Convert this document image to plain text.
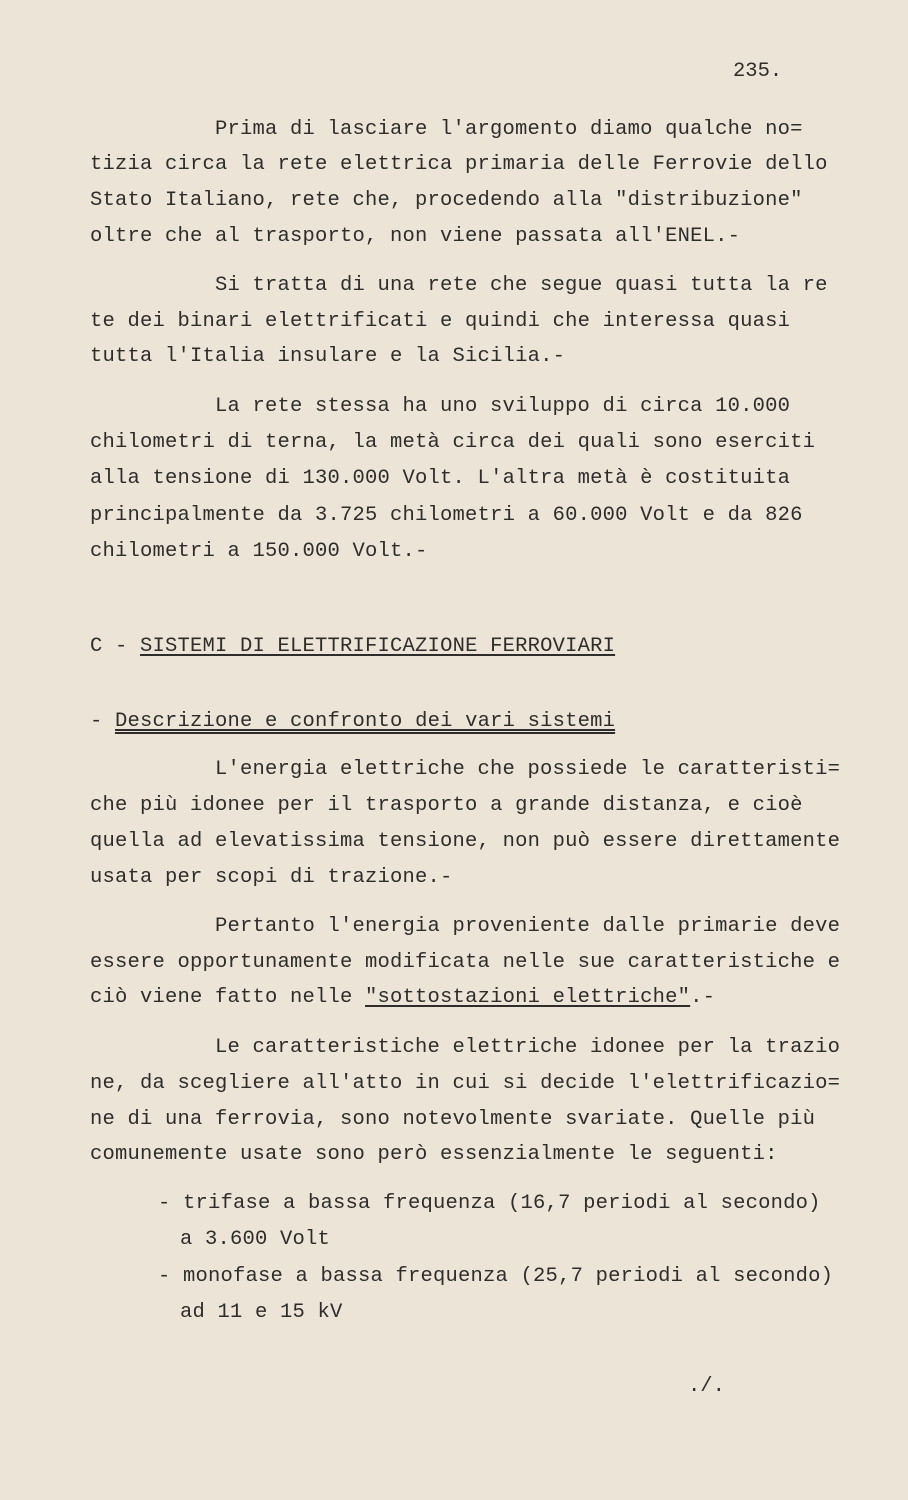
235.
Prima di lasciare l'argomento diamo qualche no=
tizia circa la rete elettrica primaria delle Ferrovie dello
Stato Italiano, rete che, procedendo alla "distribuzione"
oltre che al trasporto, non viene passata all'ENEL.-
Si tratta di una rete che segue quasi tutta la re
te dei binari elettrificati e quindi che interessa quasi
tutta l'Italia insulare e la Sicilia.-
La rete stessa ha uno sviluppo di circa 10.000
chilometri di terna, la metà circa dei quali sono eserciti
alla tensione di 130.000 Volt. L'altra metà è costituita
principalmente da 3.725 chilometri a 60.000 Volt e da 826
chilometri a 150.000 Volt.-
C - SISTEMI DI ELETTRIFICAZIONE FERROVIARI
- Descrizione e confronto dei vari sistemi
L'energia elettriche che possiede le caratteristi=
che più idonee per il trasporto a grande distanza, e cioè
quella ad elevatissima tensione, non può essere direttamente
usata per scopi di trazione.-
Pertanto l'energia proveniente dalle primarie deve
essere opportunamente modificata nelle sue caratteristiche e
ciò viene fatto nelle "sottostazioni elettriche".-
Le caratteristiche elettriche idonee per la trazio
ne, da scegliere all'atto in cui si decide l'elettrificazio=
ne di una ferrovia, sono notevolmente svariate. Quelle più
comunemente usate sono però essenzialmente le seguenti:
- trifase a bassa frequenza (16,7 periodi al secondo)
a 3.600 Volt
- monofase a bassa frequenza (25,7 periodi al secondo)
ad 11 e 15 kV
./.
